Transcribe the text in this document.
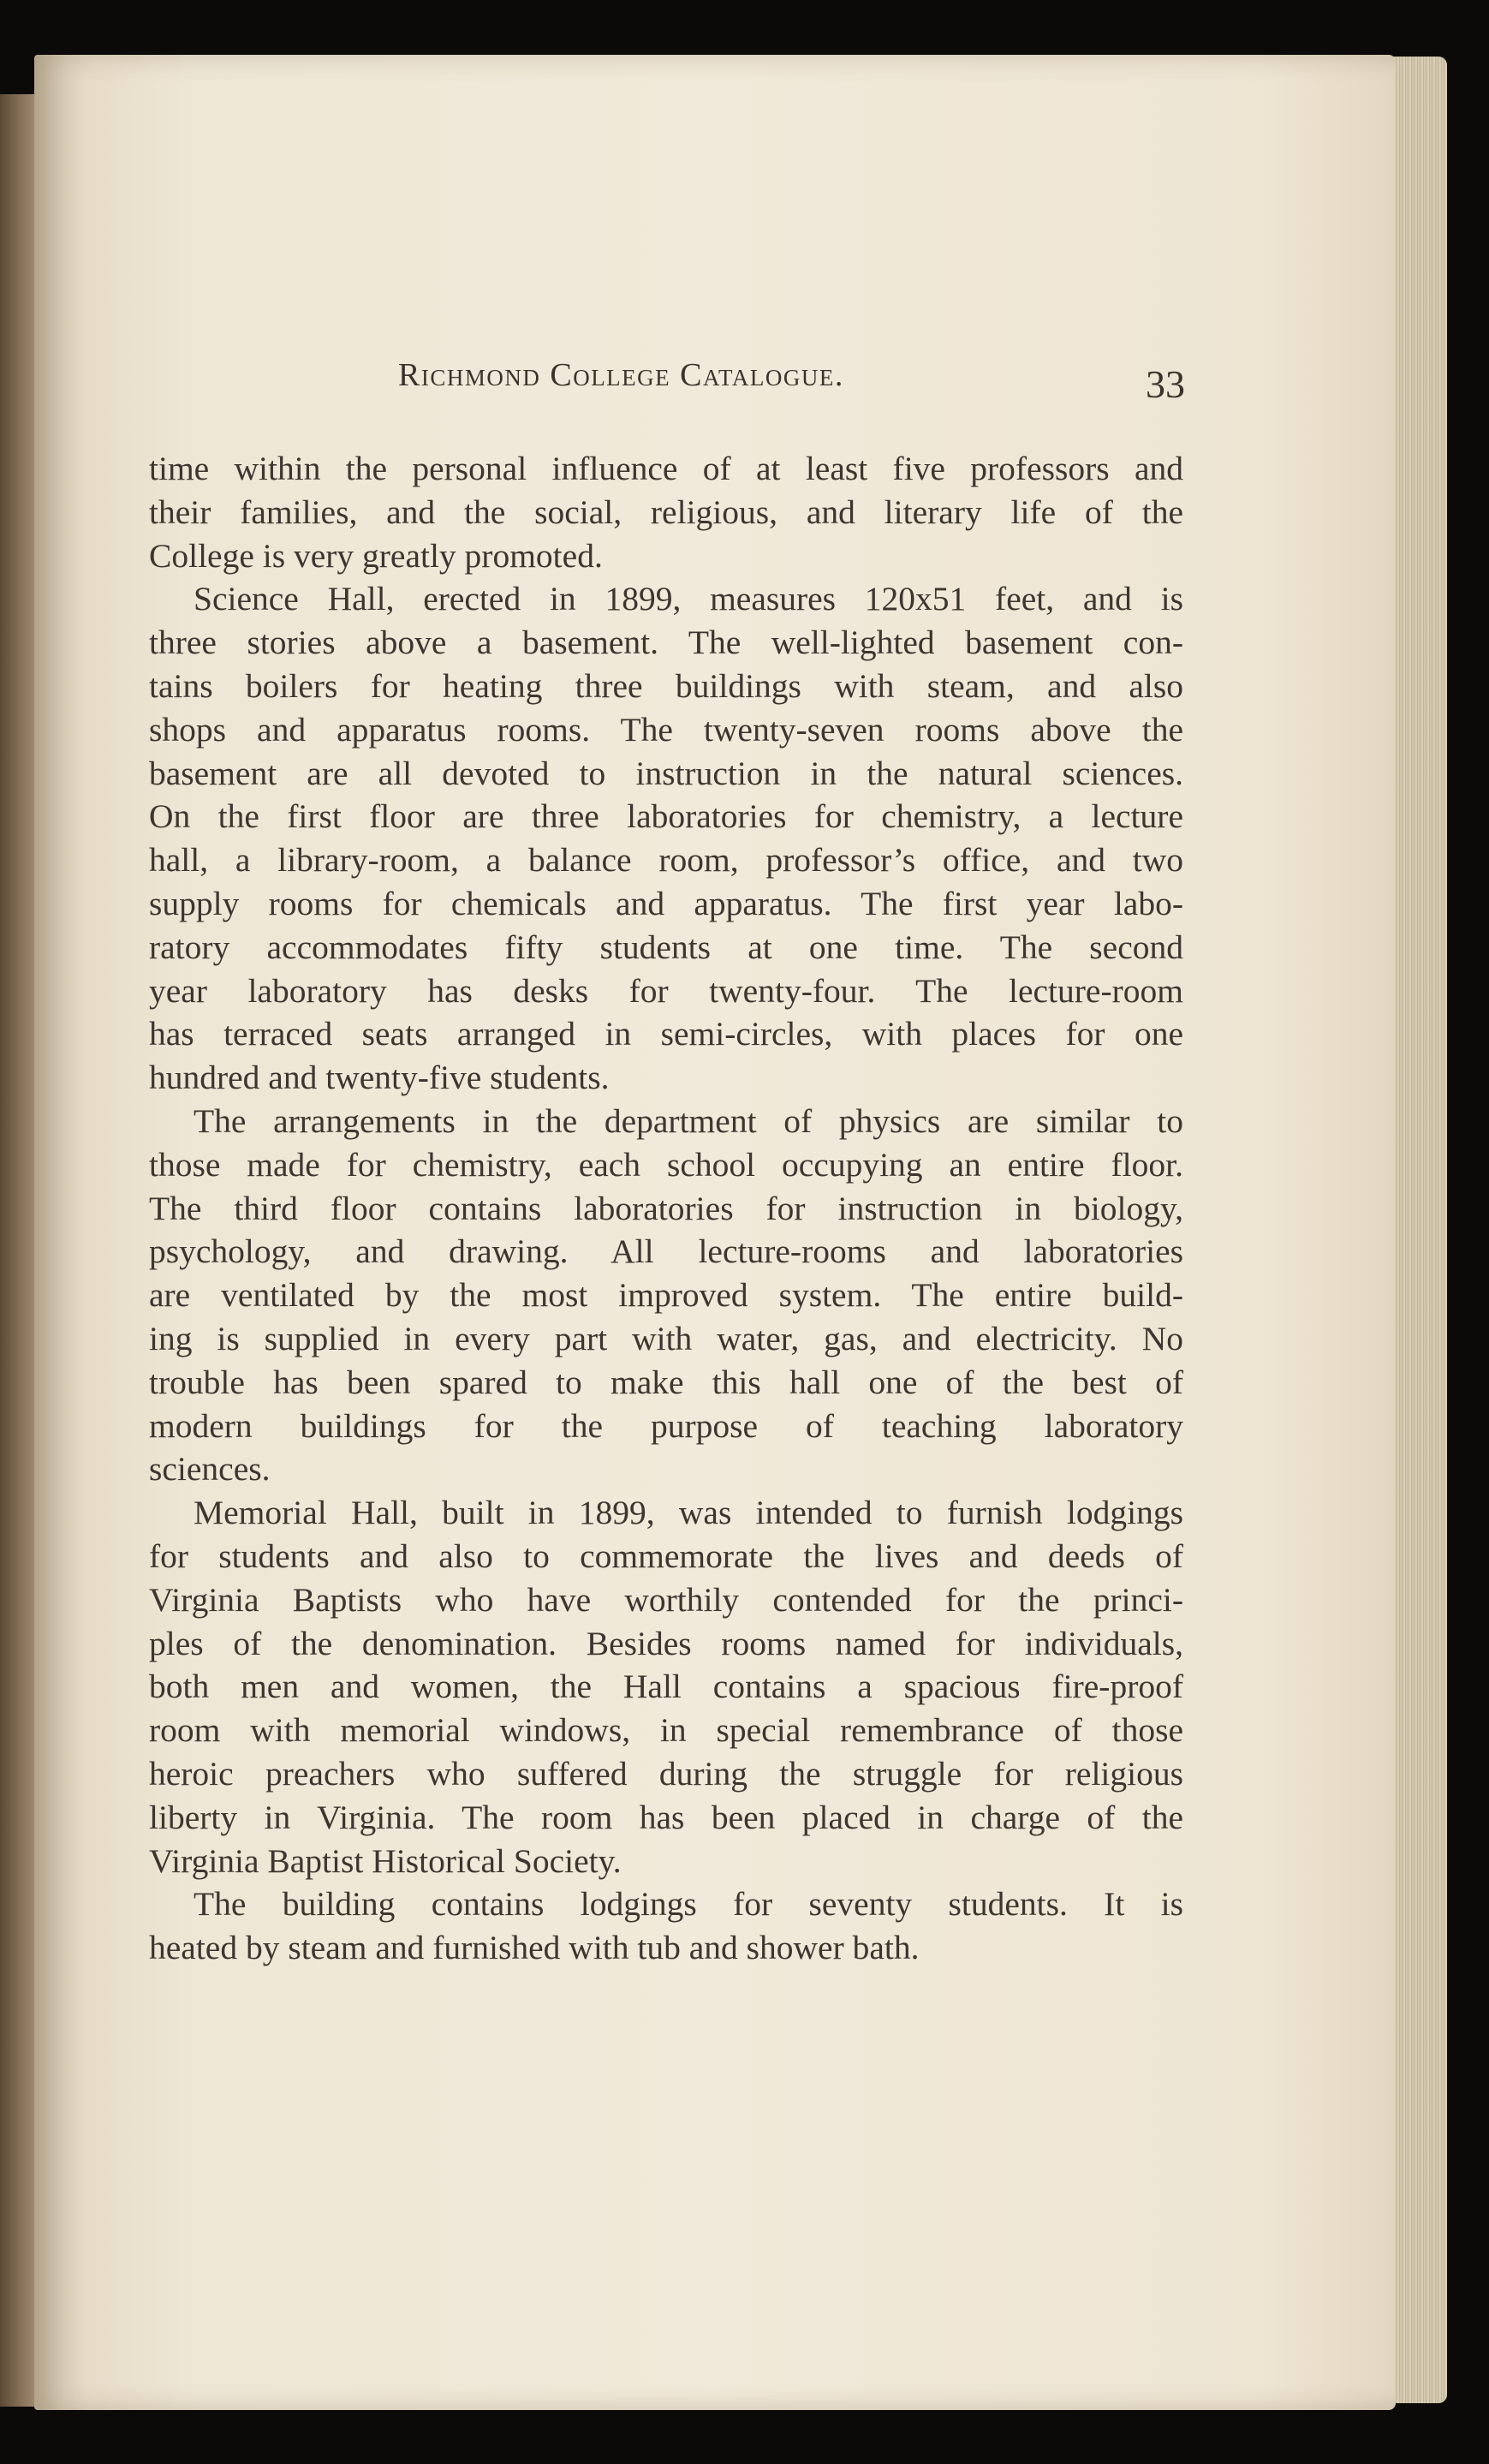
Richmond College Catalogue.	33
time within the personal influence of at least five professors and
their families, and the social, religious, and literary life of the
College is very greatly promoted.
Science Hall, erected in 1899, measures 120x51 feet, and is
three stories above a basement. The well-lighted basement con-
tains boilers for heating three buildings with steam, and also
shops and apparatus rooms. The twenty-seven rooms above the
basement are all devoted to instruction in the natural sciences.
On the first floor are three laboratories for chemistry, a lecture
hall, a library-room, a balance room, professor’s office, and two
supply rooms for chemicals and apparatus. The first year labo-
ratory accommodates fifty students at one time. The second
year laboratory has desks for twenty-four. The lecture-room
has terraced seats arranged in semi-circles, with places for one
hundred and twenty-five students.
The arrangements in the department of physics are similar to
those made for chemistry, each school occupying an entire floor.
The third floor contains laboratories for instruction in biology,
psychology, and drawing. All lecture-rooms and laboratories
are ventilated by the most improved system. The entire build-
ing is supplied in every part with water, gas, and electricity. No
trouble has been spared to make this hall one of the best of
modern buildings for the purpose of teaching laboratory
sciences.
Memorial Hall, built in 1899, was intended to furnish lodgings
for students and also to commemorate the lives and deeds of
Virginia Baptists who have worthily contended for the princi-
ples of the denomination. Besides rooms named for individuals,
both men and women, the Hall contains a spacious fire-proof
room with memorial windows, in special remembrance of those
heroic preachers who suffered during the struggle for religious
liberty in Virginia. The room has been placed in charge of the
Virginia Baptist Historical Society.
The building contains lodgings for seventy students. It is
heated by steam and furnished with tub and shower bath.
